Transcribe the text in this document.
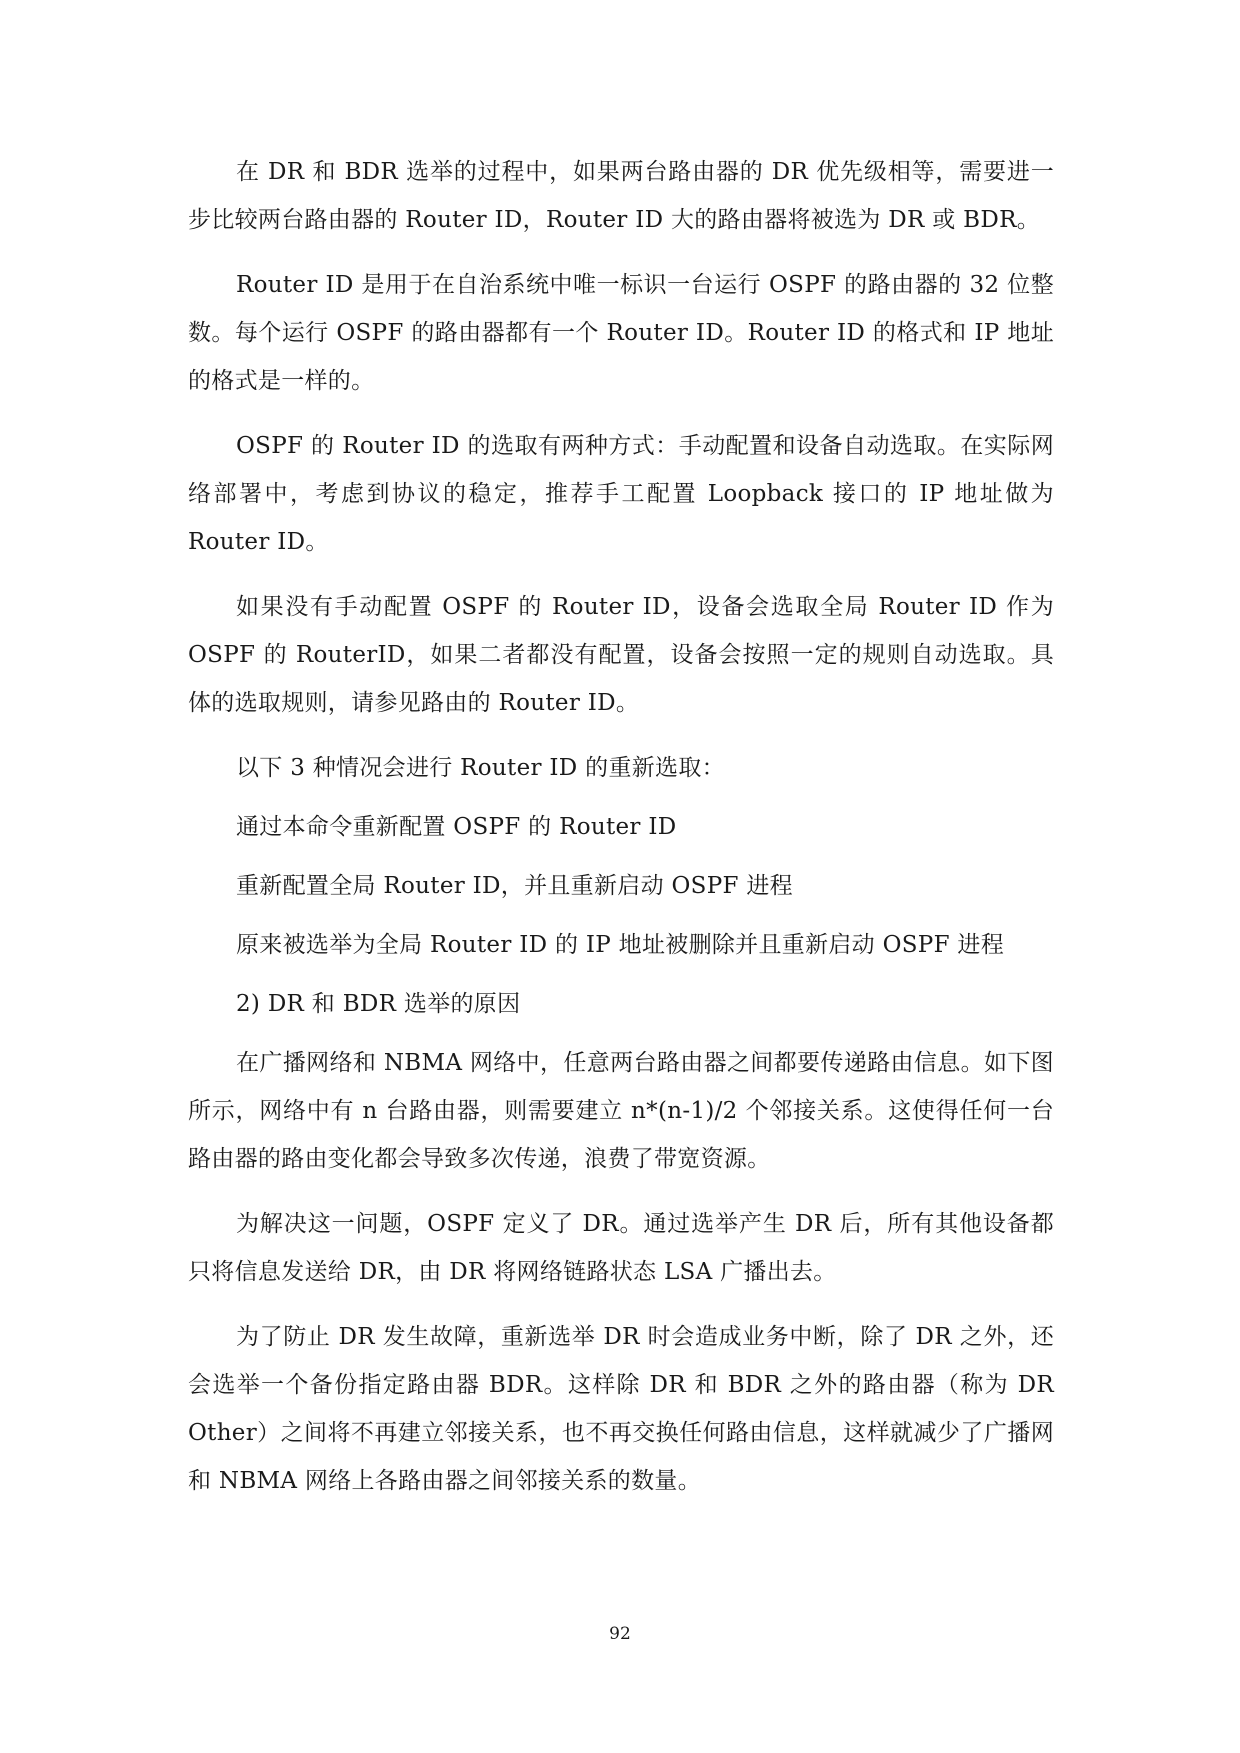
在 DR 和 BDR 选举的过程中，如果两台路由器的 DR 优先级相等，需要进一步比较两台路由器的 Router ID，Router ID 大的路由器将被选为 DR 或 BDR。

Router ID 是用于在自治系统中唯一标识一台运行 OSPF 的路由器的 32 位整数。每个运行 OSPF 的路由器都有一个 Router ID。Router ID 的格式和 IP 地址的格式是一样的。

OSPF 的 Router ID 的选取有两种方式：手动配置和设备自动选取。在实际网络部署中，考虑到协议的稳定，推荐手工配置 Loopback 接口的 IP 地址做为 Router ID。

如果没有手动配置 OSPF 的 Router ID，设备会选取全局 Router ID 作为 OSPF 的 RouterID，如果二者都没有配置，设备会按照一定的规则自动选取。具体的选取规则，请参见路由的 Router ID。

以下 3 种情况会进行 Router ID 的重新选取：

通过本命令重新配置 OSPF 的 Router ID

重新配置全局 Router ID，并且重新启动 OSPF 进程

原来被选举为全局 Router ID 的 IP 地址被删除并且重新启动 OSPF 进程

2) DR 和 BDR 选举的原因

在广播网络和 NBMA 网络中，任意两台路由器之间都要传递路由信息。如下图所示，网络中有 n 台路由器，则需要建立 n*(n-1)/2 个邻接关系。这使得任何一台路由器的路由变化都会导致多次传递，浪费了带宽资源。

为解决这一问题，OSPF 定义了 DR。通过选举产生 DR 后，所有其他设备都只将信息发送给 DR，由 DR 将网络链路状态 LSA 广播出去。

为了防止 DR 发生故障，重新选举 DR 时会造成业务中断，除了 DR 之外，还会选举一个备份指定路由器 BDR。这样除 DR 和 BDR 之外的路由器（称为 DR Other）之间将不再建立邻接关系，也不再交换任何路由信息，这样就减少了广播网和 NBMA 网络上各路由器之间邻接关系的数量。

92
